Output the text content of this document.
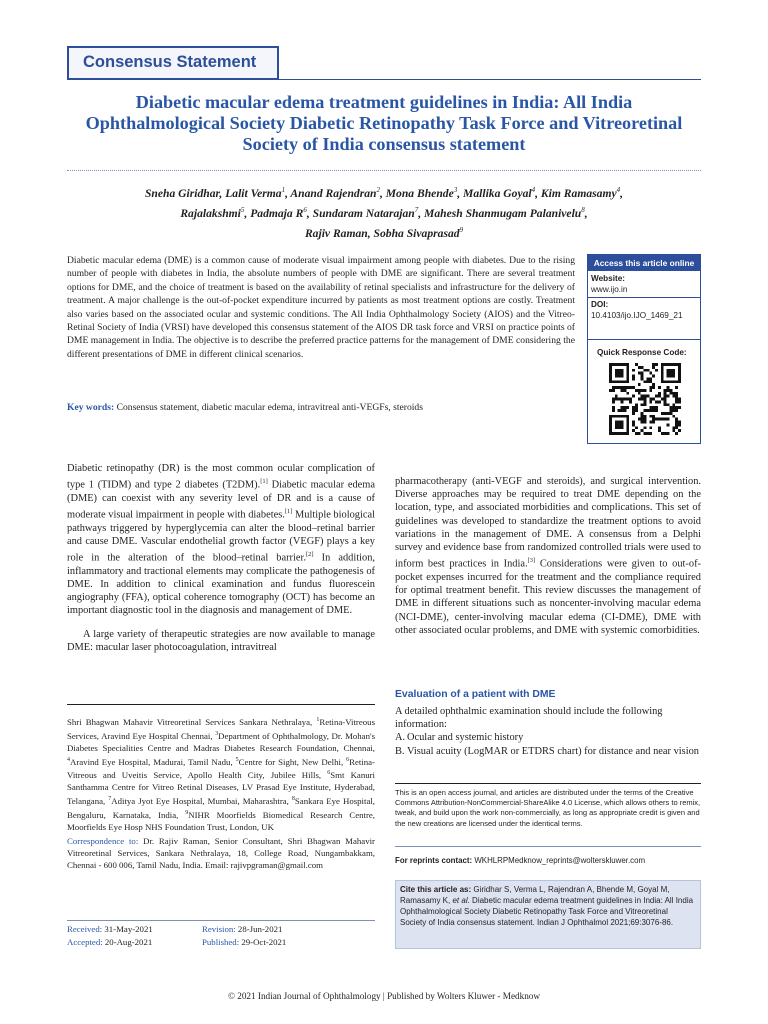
Consensus Statement
Diabetic macular edema treatment guidelines in India: All India Ophthalmological Society Diabetic Retinopathy Task Force and Vitreoretinal Society of India consensus statement
Sneha Giridhar, Lalit Verma$^1$, Anand Rajendran$^2$, Mona Bhende$^3$, Mallika Goyal$^4$, Kim Ramasamy$^4$,
Rajalakshmi$^5$, Padmaja $R^6$, Sundaram Natarajan$^7$, Mahesh Shanmugam Palanivelu$^8$,
Rajiv Raman, Sobha Sivaprasad$^9$
Diabetic macular edema (DME) is a common cause of moderate visual impairment among people with diabetes. Due to the rising number of people with diabetes in India, the absolute numbers of people with DME are significant. There are several treatment options for DME, and the choice of treatment is based on the availability of retinal specialists and infrastructure for the delivery of treatment. A major challenge is the out-of-pocket expenditure incurred by patients as most treatment options are costly. Treatment also varies based on the associated ocular and systemic conditions. The All India Ophthalmology Society (AIOS) and the Vitreo-Retinal Society of India (VRSI) have developed this consensus statement of the AIOS DR task force and VRSI on practice points of DME management in India. The objective is to describe the preferred practice patterns for the management of DME considering the different presentations of DME in different clinical scenarios.
Key words: Consensus statement, diabetic macular edema, intravitreal anti-VEGFs, steroids
Access this article online
Website:
www.ijo.in
DOI:
10.4103/ijo.IJO_1469_21
Quick Response Code:

Diabetic retinopathy (DR) is the most common ocular complication of type 1 (TIDM) and type 2 diabetes (T2DM).[1] Diabetic macular edema (DME) can coexist with any severity level of DR and is a cause of moderate visual impairment in people with diabetes.[1] Multiple biological pathways triggered by hyperglycemia can alter the blood–retinal barrier and cause DME. Vascular endothelial growth factor (VEGF) plays a key role in the alteration of the blood–retinal barrier.[2] In addition, inflammatory and tractional elements may complicate the pathogenesis of DME. In addition to clinical examination and fundus fluorescein angiography (FFA), optical coherence tomography (OCT) has become an important diagnostic tool in the diagnosis and management of DME.

A large variety of therapeutic strategies are now available to manage DME: macular laser photocoagulation, intravitreal

pharmacotherapy (anti-VEGF and steroids), and surgical intervention. Diverse approaches may be required to treat DME depending on the location, type, and associated morbidities and complications. This set of guidelines was developed to standardize the treatment options to avoid variations in the management of DME. A consensus from a Delphi survey and evidence base from randomized controlled trials were used to inform best practices in India.[3] Considerations were given to out-of-pocket expenses incurred for the treatment and the compliance required for optimal treatment benefit. This review discusses the management of DME in different situations such as noncenter-involving macular edema (NCI-DME), center-involving macular edema (CI-DME), DME with other associated ocular problems, and DME with systemic comorbidities.

Evaluation of a patient with DME
A detailed ophthalmic examination should include the following information:
A. Ocular and systemic history
B. Visual acuity (LogMAR or ETDRS chart) for distance and near vision
Shri Bhagwan Mahavir Vitreoretinal Services Sankara Nethralaya, $^1$Retina-Vitreous Services, Aravind Eye Hospital Chennai, $^3$Department of Ophthalmology, Dr. Mohan's Diabetes Specialities Centre and Madras Diabetes Research Foundation, Chennai, $^4$Aravind Eye Hospital, Madurai, Tamil Nadu, $^5$Centre for Sight, New Delhi, $^6$Retina-Vitreous and Uveitis Service, Apollo Health City, Jubilee Hills, $^6$Smt Kanuri Santhamma Centre for Vitreo Retinal Diseases, LV Prasad Eye Institute, Hyderabad, Telangana, $^7$Aditya Jyot Eye Hospital, Mumbai, Maharashtra, $^8$Sankara Eye Hospital, Bengaluru, Karnataka, India, $^9$NIHR Moorfields Biomedical Research Centre, Moorfields Eye Hosp NHS Foundation Trust, London, UK
Correspondence to: Dr. Rajiv Raman, Senior Consultant, Shri Bhagwan Mahavir Vitreoretinal Services, Sankara Nethralaya, 18, College Road, Nungambakkam, Chennai - 600 006, Tamil Nadu, India. Email: rajivpgraman@gmail.com
Received: 31-May-2021	Revision: 28-Jun-2021
Accepted: 20-Aug-2021	Published: 29-Oct-2021
This is an open access journal, and articles are distributed under the terms of the Creative Commons Attribution-NonCommercial-ShareAlike 4.0 License, which allows others to remix, tweak, and build upon the work non-commercially, as long as appropriate credit is given and the new creations are licensed under the identical terms.
For reprints contact: WKHLRPMedknow_reprints@wolterskluwer.com
Cite this article as: Giridhar S, Verma L, Rajendran A, Bhende M, Goyal M, Ramasamy K, et al. Diabetic macular edema treatment guidelines in India: All India Ophthalmological Society Diabetic Retinopathy Task Force and Vitreoretinal Society of India consensus statement. Indian J Ophthalmol 2021;69:3076-86.
© 2021 Indian Journal of Ophthalmology | Published by Wolters Kluwer - Medknow
